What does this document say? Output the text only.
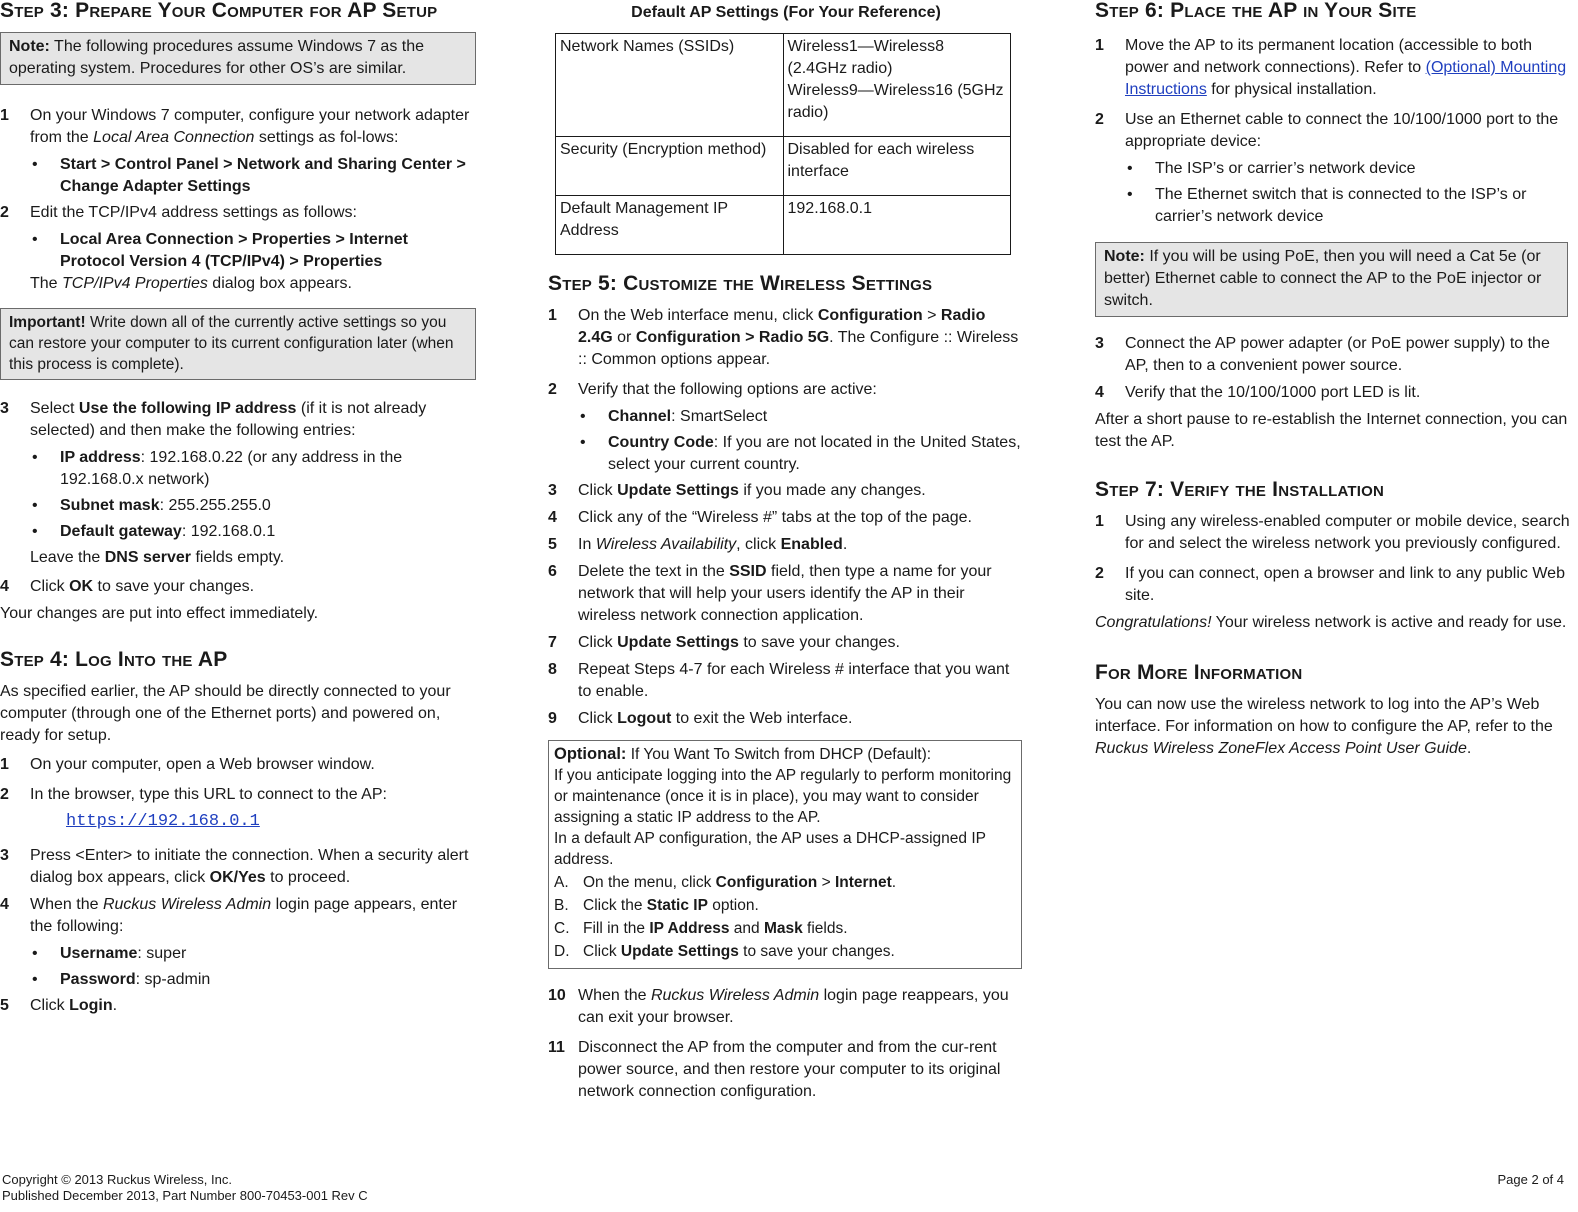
Step 3: Prepare Your Computer for AP Setup
Note: The following procedures assume Windows 7 as the operating system. Procedures for other OS’s are similar.
1	On your Windows 7 computer, configure your network adapter from the Local Area Connection settings as fol-lows:
• Start > Control Panel > Network and Sharing Center > Change Adapter Settings
2	Edit the TCP/IPv4 address settings as follows:
• Local Area Connection > Properties > Internet Protocol Version 4 (TCP/IPv4) > Properties
The TCP/IPv4 Properties dialog box appears.
Important! Write down all of the currently active settings so you can restore your computer to its current configuration later (when this process is complete).
3	Select Use the following IP address (if it is not already selected) and then make the following entries:
• IP address: 192.168.0.22 (or any address in the 192.168.0.x network)
• Subnet mask: 255.255.255.0
• Default gateway: 192.168.0.1
Leave the DNS server fields empty.
4	Click OK to save your changes.
Your changes are put into effect immediately.
Step 4: Log Into the AP
As specified earlier, the AP should be directly connected to your computer (through one of the Ethernet ports) and powered on, ready for setup.
1	On your computer, open a Web browser window.
2	In the browser, type this URL to connect to the AP:
https://192.168.0.1
3	Press <Enter> to initiate the connection. When a security alert dialog box appears, click OK/Yes to proceed.
4	When the Ruckus Wireless Admin login page appears, enter the following:
• Username: super
• Password: sp-admin
5	Click Login.
Default AP Settings (For Your Reference)
Network Names (SSIDs)	Wireless1—Wireless8 (2.4GHz radio)
Wireless9—Wireless16 (5GHz radio)

Security (Encryption method)	Disabled for each wireless interface
Default Management IP Address	192.168.0.1
Step 5: Customize the Wireless Settings
1	On the Web interface menu, click Configuration > Radio 2.4G or Configuration > Radio 5G. The Configure :: Wireless :: Common options appear.
2	Verify that the following options are active:
• Channel: SmartSelect
• Country Code: If you are not located in the United States, select your current country.
3	Click Update Settings if you made any changes.
4	Click any of the “Wireless #” tabs at the top of the page.
5	In Wireless Availability, click Enabled.
6	Delete the text in the SSID field, then type a name for your network that will help your users identify the AP in their wireless network connection application.
7	Click Update Settings to save your changes.
8	Repeat Steps 4-7 for each Wireless # interface that you want to enable.
9	Click Logout to exit the Web interface.
Optional: If You Want To Switch from DHCP (Default):
If you anticipate logging into the AP regularly to perform monitoring or maintenance (once it is in place), you may want to consider assigning a static IP address to the AP.
In a default AP configuration, the AP uses a DHCP-assigned IP address.
A. On the menu, click Configuration > Internet.
B. Click the Static IP option.
C. Fill in the IP Address and Mask fields.
D. Click Update Settings to save your changes.
10 When the Ruckus Wireless Admin login page reappears, you can exit your browser.
11 Disconnect the AP from the computer and from the cur-rent power source, and then restore your computer to its original network connection configuration.
Step 6: Place the AP in Your Site
1	Move the AP to its permanent location (accessible to both power and network connections). Refer to (Optional) Mounting Instructions for physical installation.
2	Use an Ethernet cable to connect the 10/100/1000 port to the appropriate device:
• The ISP’s or carrier’s network device
• The Ethernet switch that is connected to the ISP’s or carrier’s network device
Note: If you will be using PoE, then you will need a Cat 5e (or better) Ethernet cable to connect the AP to the PoE injector or switch.
3	Connect the AP power adapter (or PoE power supply) to the AP, then to a convenient power source.
4	Verify that the 10/100/1000 port LED is lit.
After a short pause to re-establish the Internet connection, you can test the AP.
Step 7: Verify the Installation
1	Using any wireless-enabled computer or mobile device, search for and select the wireless network you previously configured.
2	If you can connect, open a browser and link to any public Web site.
Congratulations! Your wireless network is active and ready for use.
For More Information
You can now use the wireless network to log into the AP’s Web interface. For information on how to configure the AP, refer to the Ruckus Wireless ZoneFlex Access Point User Guide.
Copyright © 2013 Ruckus Wireless, Inc.
Published December 2013, Part Number 800-70453-001 Rev C
Page 2 of 4
